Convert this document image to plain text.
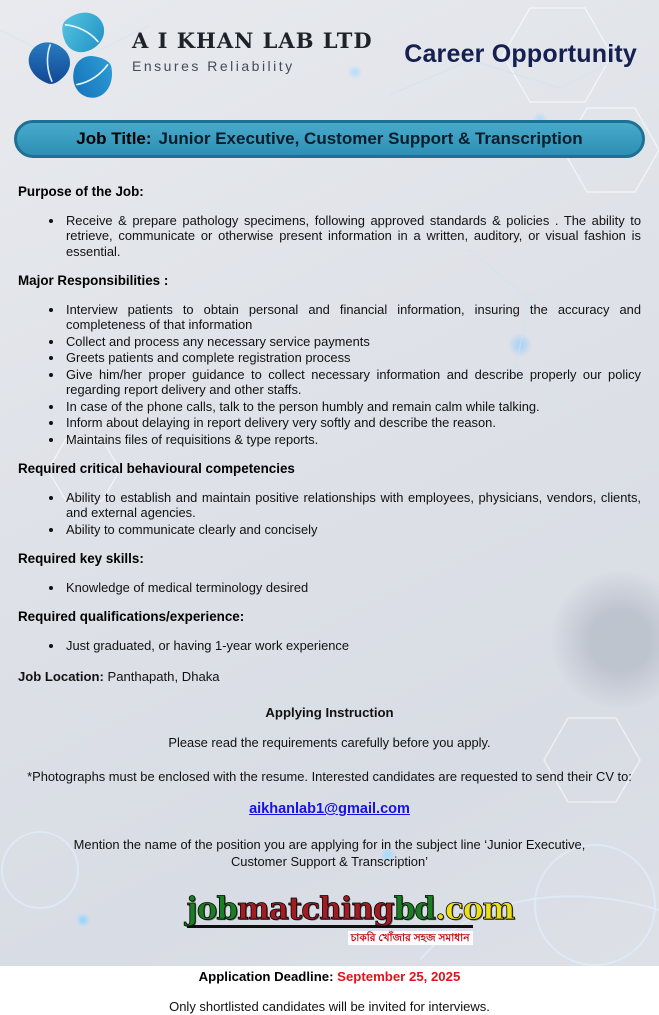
A I KHAN LAB LTD
Ensures Reliability	Career Opportunity
Job Title: Junior Executive, Customer Support & Transcription
Purpose of the Job:
• Receive & prepare pathology specimens, following approved standards & policies . The ability to retrieve, communicate or otherwise present information in a written, auditory, or visual fashion is essential.
Major Responsibilities :
• Interview patients to obtain personal and financial information, insuring the accuracy and completeness of that information
• Collect and process any necessary service payments
• Greets patients and complete registration process
• Give him/her proper guidance to collect necessary information and describe properly our policy regarding report delivery and other staffs.
• In case of the phone calls, talk to the person humbly and remain calm while talking.
• Inform about delaying in report delivery very softly and describe the reason.
• Maintains files of requisitions & type reports.
Required critical behavioural competencies
• Ability to establish and maintain positive relationships with employees, physicians, vendors, clients, and external agencies.
• Ability to communicate clearly and concisely
Required key skills:
• Knowledge of medical terminology desired
Required qualifications/experience:
• Just graduated, or having 1-year work experience
Job Location: Panthapath, Dhaka
Applying Instruction
Please read the requirements carefully before you apply.
*Photographs must be enclosed with the resume. Interested candidates are requested to send their CV to:
aikhanlab1@gmail.com
Mention the name of the position you are applying for in the subject line ‘Junior Executive, Customer Support & Transcription’
jobmatchingbd.com
চাকরি খোঁজার সহজ সমাধান
Application Deadline: September 25, 2025
Only shortlisted candidates will be invited for interviews.
